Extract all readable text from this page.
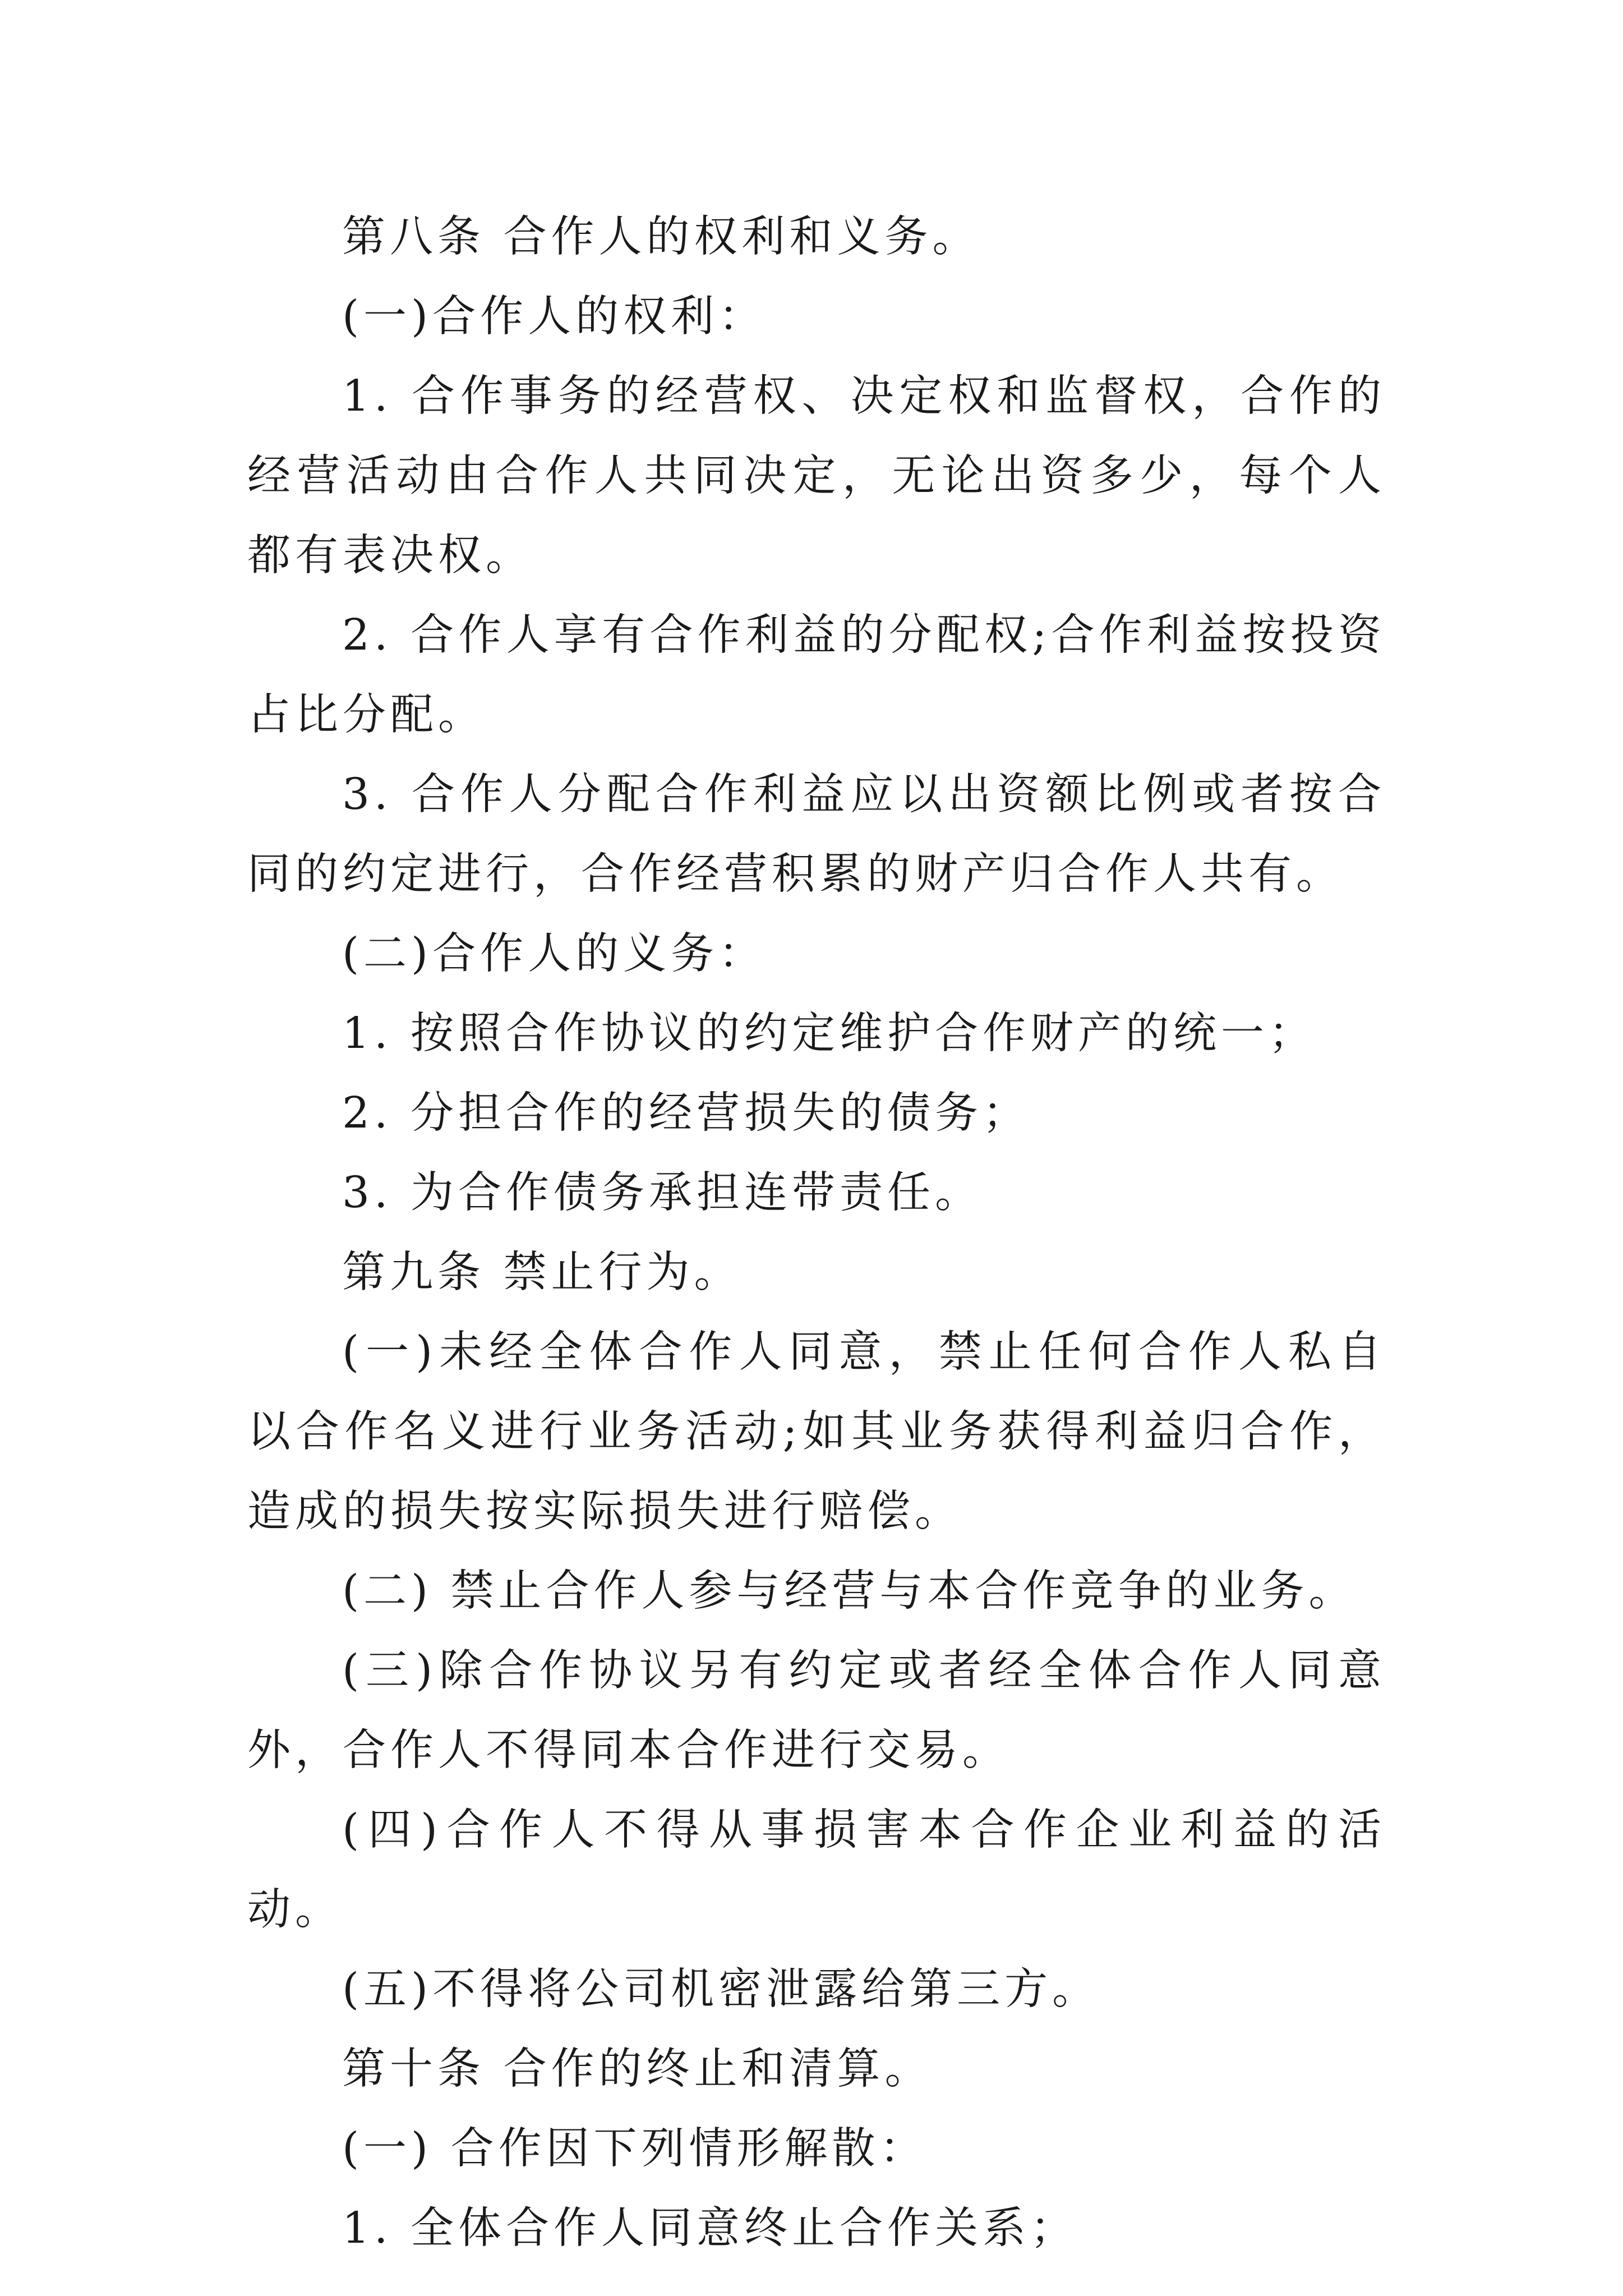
第八条 合作人的权利和义务。

(一)合作人的权利：

1. 合作事务的经营权、决定权和监督权，合作的经营活动由合作人共同决定，无论出资多少，每个人都有表决权。

2. 合作人享有合作利益的分配权;合作利益按投资占比分配。

3. 合作人分配合作利益应以出资额比例或者按合同的约定进行，合作经营积累的财产归合作人共有。

(二)合作人的义务：

1. 按照合作协议的约定维护合作财产的统一；

2. 分担合作的经营损失的债务；

3. 为合作债务承担连带责任。

第九条 禁止行为。

(一)未经全体合作人同意，禁止任何合作人私自以合作名义进行业务活动;如其业务获得利益归合作，造成的损失按实际损失进行赔偿。

(二) 禁止合作人参与经营与本合作竞争的业务。

(三)除合作协议另有约定或者经全体合作人同意外，合作人不得同本合作进行交易。

(四)合作人不得从事损害本合作企业利益的活动。

(五)不得将公司机密泄露给第三方。

第十条 合作的终止和清算。

(一) 合作因下列情形解散：

1. 全体合作人同意终止合作关系；
